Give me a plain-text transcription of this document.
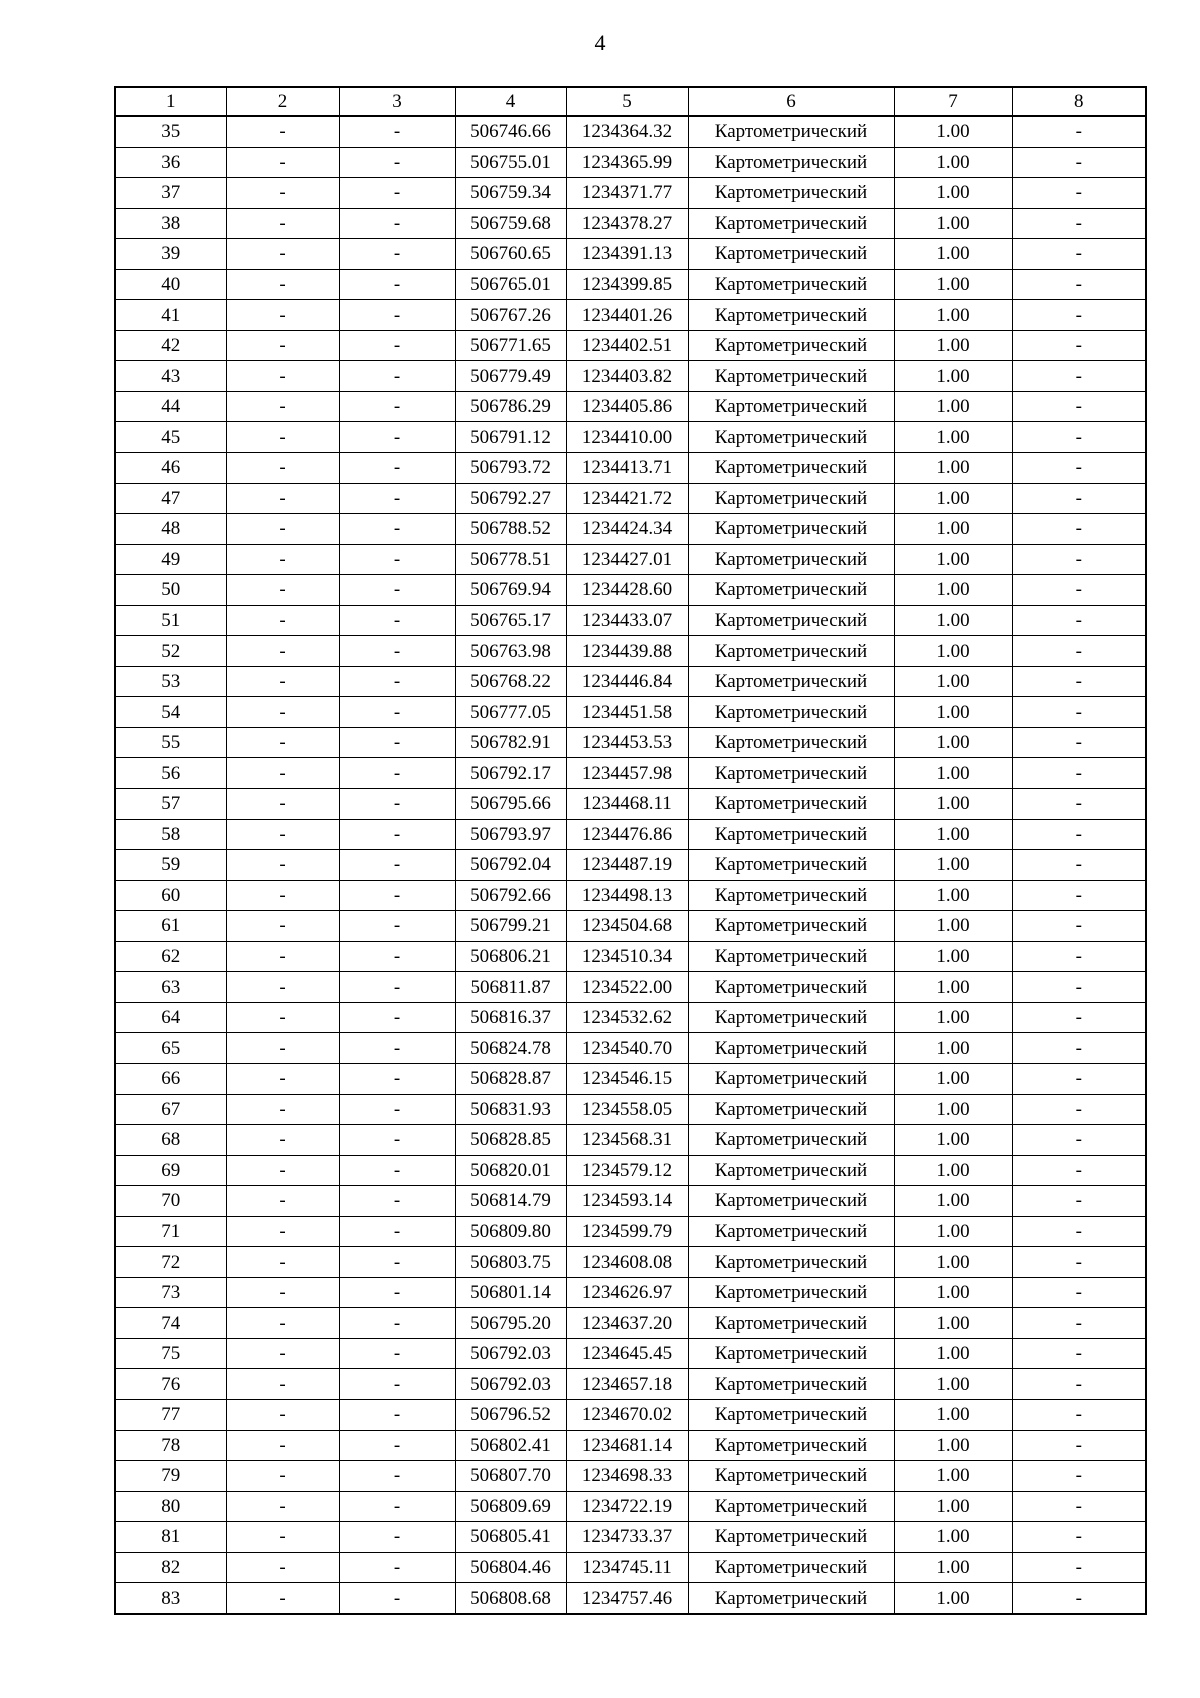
4
1	2	3	4	5	6	7	8
35	-	-	506746.66	1234364.32	Картометрический	1.00	-
36	-	-	506755.01	1234365.99	Картометрический	1.00	-
37	-	-	506759.34	1234371.77	Картометрический	1.00	-
38	-	-	506759.68	1234378.27	Картометрический	1.00	-
39	-	-	506760.65	1234391.13	Картометрический	1.00	-
40	-	-	506765.01	1234399.85	Картометрический	1.00	-
41	-	-	506767.26	1234401.26	Картометрический	1.00	-
42	-	-	506771.65	1234402.51	Картометрический	1.00	-
43	-	-	506779.49	1234403.82	Картометрический	1.00	-
44	-	-	506786.29	1234405.86	Картометрический	1.00	-
45	-	-	506791.12	1234410.00	Картометрический	1.00	-
46	-	-	506793.72	1234413.71	Картометрический	1.00	-
47	-	-	506792.27	1234421.72	Картометрический	1.00	-
48	-	-	506788.52	1234424.34	Картометрический	1.00	-
49	-	-	506778.51	1234427.01	Картометрический	1.00	-
50	-	-	506769.94	1234428.60	Картометрический	1.00	-
51	-	-	506765.17	1234433.07	Картометрический	1.00	-
52	-	-	506763.98	1234439.88	Картометрический	1.00	-
53	-	-	506768.22	1234446.84	Картометрический	1.00	-
54	-	-	506777.05	1234451.58	Картометрический	1.00	-
55	-	-	506782.91	1234453.53	Картометрический	1.00	-
56	-	-	506792.17	1234457.98	Картометрический	1.00	-
57	-	-	506795.66	1234468.11	Картометрический	1.00	-
58	-	-	506793.97	1234476.86	Картометрический	1.00	-
59	-	-	506792.04	1234487.19	Картометрический	1.00	-
60	-	-	506792.66	1234498.13	Картометрический	1.00	-
61	-	-	506799.21	1234504.68	Картометрический	1.00	-
62	-	-	506806.21	1234510.34	Картометрический	1.00	-
63	-	-	506811.87	1234522.00	Картометрический	1.00	-
64	-	-	506816.37	1234532.62	Картометрический	1.00	-
65	-	-	506824.78	1234540.70	Картометрический	1.00	-
66	-	-	506828.87	1234546.15	Картометрический	1.00	-
67	-	-	506831.93	1234558.05	Картометрический	1.00	-
68	-	-	506828.85	1234568.31	Картометрический	1.00	-
69	-	-	506820.01	1234579.12	Картометрический	1.00	-
70	-	-	506814.79	1234593.14	Картометрический	1.00	-
71	-	-	506809.80	1234599.79	Картометрический	1.00	-
72	-	-	506803.75	1234608.08	Картометрический	1.00	-
73	-	-	506801.14	1234626.97	Картометрический	1.00	-
74	-	-	506795.20	1234637.20	Картометрический	1.00	-
75	-	-	506792.03	1234645.45	Картометрический	1.00	-
76	-	-	506792.03	1234657.18	Картометрический	1.00	-
77	-	-	506796.52	1234670.02	Картометрический	1.00	-
78	-	-	506802.41	1234681.14	Картометрический	1.00	-
79	-	-	506807.70	1234698.33	Картометрический	1.00	-
80	-	-	506809.69	1234722.19	Картометрический	1.00	-
81	-	-	506805.41	1234733.37	Картометрический	1.00	-
82	-	-	506804.46	1234745.11	Картометрический	1.00	-
83	-	-	506808.68	1234757.46	Картометрический	1.00	-
